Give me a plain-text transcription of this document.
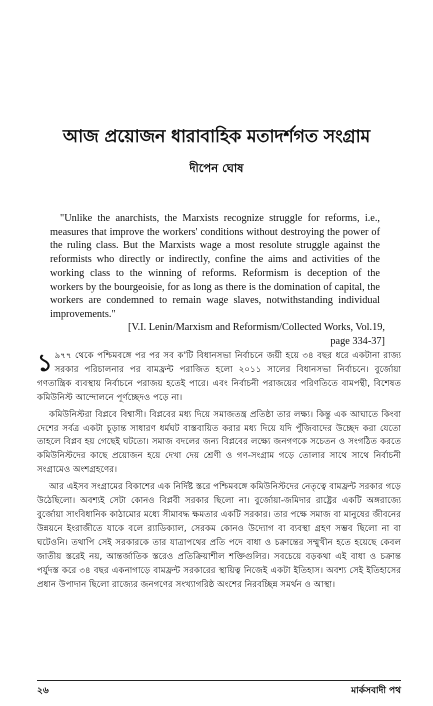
আজ প্রয়োজন ধারাবাহিক মতাদর্শগত সংগ্রাম
দীপেন ঘোষ

"Unlike the anarchists, the Marxists recognize struggle for reforms, i.e., measures that improve the workers' conditions without destroying the power of the ruling class. But the Marxists wage a most resolute struggle against the reformists who directly or indirectly, confine the aims and activities of the working class to the winning of reforms. Reformism is deception of the workers by the bourgeoisie, for as long as there is the domination of capital, the workers are condemned to remain wage slaves, notwithstanding individual improvements."

[V.I. Lenin/Marxism and Reformism/Collected Works, Vol.19, page 334-37]

১ ৯৭৭ থেকে পশ্চিমবঙ্গে পর পর সব ক'টি বিধানসভা নির্বাচনে জয়ী হয়ে ৩৪ বছর ধরে একটানা রাজ্য সরকার পরিচালনার পর বামফ্রন্ট পরাজিত হলো ২০১১ সালের বিধানসভা নির্বাচনে। বুর্জোয়া গণতান্ত্রিক ব্যবস্থায় নির্বাচনে পরাজয় হতেই পারে। এবং নির্বাচনী পরাজয়ের পরিণতিতে বামপন্থী, বিশেষত কমিউনিস্ট আন্দোলনে পূর্ণচ্ছেদও পড়ে না।

কমিউনিস্টরা বিপ্লবে বিশ্বাসী। বিপ্লবের মধ্য দিয়ে সমাজতন্ত্র প্রতিষ্ঠা তার লক্ষ্য। কিন্তু এক আঘাতে কিংবা দেশের সর্বত্র একটা চূড়ান্ত সাধারণ ধর্মঘট বাস্তবায়িত করার মধ্য দিয়ে যদি পুঁজিবাদের উচ্ছেদ করা যেতো তাহলে বিপ্লব হয় গেছেই ঘটতো। সমাজ বদলের জন্য বিপ্লবের লক্ষ্যে জনগণকে সচেতন ও সংগঠিত করতে কমিউনিস্টদের কাছে প্রয়োজন হয়ে দেখা দেয় শ্রেণী ও গণ-সংগ্রাম গড়ে তোলার সাথে সাথে নির্বাচনী সংগ্রামেও অংশগ্রহণের।

আর এইসব সংগ্রামের বিকাশের এক নির্দিষ্ট স্তরে পশ্চিমবঙ্গে কমিউনিস্টদের নেতৃত্বে বামফ্রন্ট সরকার গড়ে উঠেছিলো। অবশ্যই সেটা কোনও বিপ্লবী সরকার ছিলো না। বুর্জোয়া-জমিদার রাষ্ট্রের একটি অঙ্গরাজ্যে বুর্জোয়া সাংবিধানিক কাঠামোর মধ্যে সীমাবদ্ধ ক্ষমতার একটি সরকার। তার পক্ষে সমাজ বা মানুষের জীবনের উন্নয়নে ইংরাজীতে যাকে বলে র‍্যাডিক্যাল, সেরকম কোনও উদ্যোগ বা ব্যবস্থা গ্রহণ সম্ভব ছিলো না বা ঘটেওনি। তথাপি সেই সরকারকে তার যাত্রাপথের প্রতি পদে বাধা ও চক্রান্তের সম্মুখীন হতে হয়েছে কেবল জাতীয় স্তরেই নয়, আন্তর্জাতিক স্তরেও প্রতিক্রিয়াশীল শক্তিগুলির। সবচেয়ে বড়কথা এই বাধা ও চক্রান্ত পর্যুদস্ত করে ৩৪ বছর একনাগাড়ে বামফ্রন্ট সরকারের স্থায়িত্ব নিজেই একটা ইতিহাস। অবশ্য সেই ইতিহাসের প্রধান উপাদান ছিলো রাজ্যের জনগণের সংখ্যাগরিষ্ঠ অংশের নিরবচ্ছিন্ন সমর্থন ও আস্থা।

২৬	মার্কসবাদী পথ
